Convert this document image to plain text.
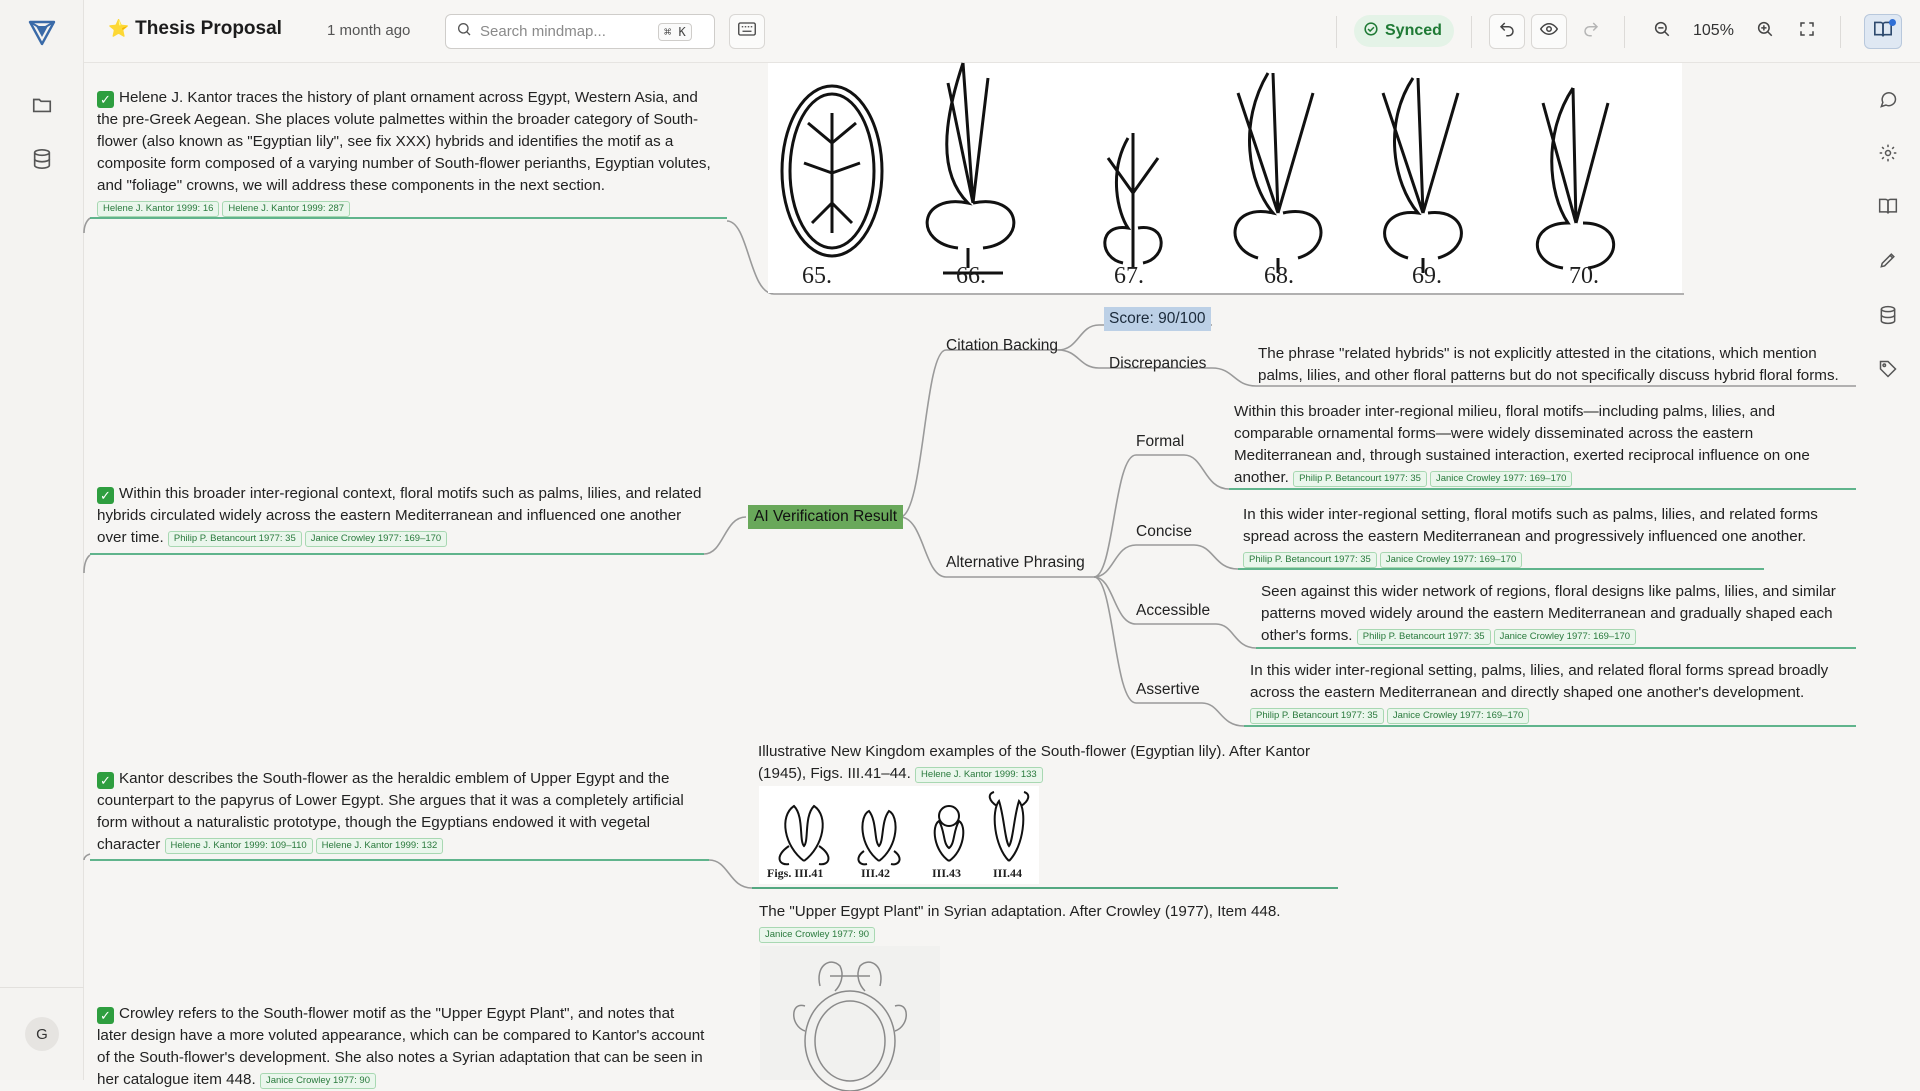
G
⭐ Thesis Proposal	1 month ago
Search mindmap...	⌘ K	Synced	105%
✓ Helene J. Kantor traces the history of plant ornament across Egypt, Western Asia, and the pre-Greek Aegean. She places volute palmettes within the broader category of South-flower (also known as "Egyptian lily", see fix XXX) hybrids and identifies the motif as a composite form composed of a varying number of South-flower perianths, Egyptian volutes, and "foliage" crowns, we will address these components in the next section.
Helene J. Kantor 1999: 16 Helene J. Kantor 1999: 287
65.	66.	67.	68.	69.	70.
Score: 90/100
Citation Backing
Discrepancies
The phrase "related hybrids" is not explicitly attested in the citations, which mention palms, lilies, and other floral patterns but do not specifically discuss hybrid floral forms.
AI Verification Result
Alternative Phrasing
Formal
Within this broader inter-regional milieu, floral motifs—including palms, lilies, and comparable ornamental forms—were widely disseminated across the eastern Mediterranean and, through sustained interaction, exerted reciprocal influence on one another. Philip P. Betancourt 1977: 35 Janice Crowley 1977: 169–170
Concise
In this wider inter-regional setting, floral motifs such as palms, lilies, and related forms spread across the eastern Mediterranean and progressively influenced one another.
Philip P. Betancourt 1977: 35 Janice Crowley 1977: 169–170
Accessible
Seen against this wider network of regions, floral designs like palms, lilies, and similar patterns moved widely around the eastern Mediterranean and gradually shaped each other's forms. Philip P. Betancourt 1977: 35 Janice Crowley 1977: 169–170
Assertive
In this wider inter-regional setting, palms, lilies, and related floral forms spread broadly across the eastern Mediterranean and directly shaped one another's development.
Philip P. Betancourt 1977: 35 Janice Crowley 1977: 169–170
✓ Within this broader inter-regional context, floral motifs such as palms, lilies, and related hybrids circulated widely across the eastern Mediterranean and influenced one another over time. Philip P. Betancourt 1977: 35 Janice Crowley 1977: 169–170
Illustrative New Kingdom examples of the South-flower (Egyptian lily). After Kantor (1945), Figs. III.41–44. Helene J. Kantor 1999: 133
Figs. III.41	III.42	III.43	III.44
✓ Kantor describes the South-flower as the heraldic emblem of Upper Egypt and the counterpart to the papyrus of Lower Egypt. She argues that it was a completely artificial form without a naturalistic prototype, though the Egyptians endowed it with vegetal character Helene J. Kantor 1999: 109–110 Helene J. Kantor 1999: 132
The "Upper Egypt Plant" in Syrian adaptation. After Crowley (1977), Item 448.
Janice Crowley 1977: 90
✓ Crowley refers to the South-flower motif as the "Upper Egypt Plant", and notes that later design have a more voluted appearance, which can be compared to Kantor's account of the South-flower's development. She also notes a Syrian adaptation that can be seen in her catalogue item 448. Janice Crowley 1977: 90
